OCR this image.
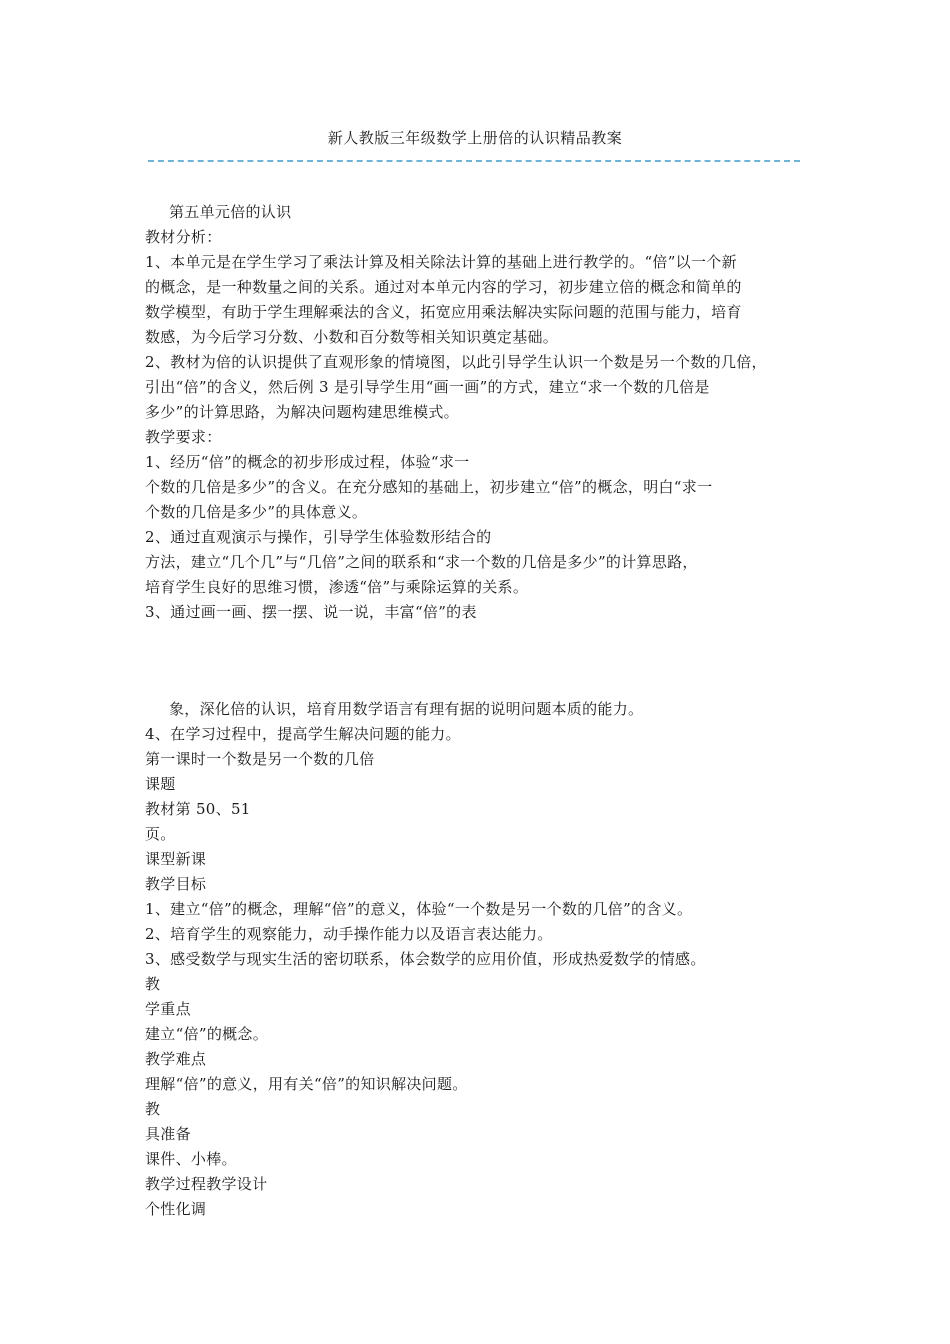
新人教版三年级数学上册倍的认识精品教案
第五单元倍的认识
教材分析：
1、本单元是在学生学习了乘法计算及相关除法计算的基础上进行教学的。“倍”以一个新
的概念，是一种数量之间的关系。通过对本单元内容的学习，初步建立倍的概念和简单的
数学模型，有助于学生理解乘法的含义，拓宽应用乘法解决实际问题的范围与能力，培育
数感，为今后学习分数、小数和百分数等相关知识奠定基础。
2、教材为倍的认识提供了直观形象的情境图，以此引导学生认识一个数是另一个数的几倍，
引出“倍”的含义，然后例 3 是引导学生用“画一画”的方式，建立“求一个数的几倍是
多少”的计算思路，为解决问题构建思维模式。
教学要求：
1、经历“倍”的概念的初步形成过程，体验“求一
个数的几倍是多少”的含义。在充分感知的基础上，初步建立“倍”的概念，明白“求一
个数的几倍是多少”的具体意义。
2、通过直观演示与操作，引导学生体验数形结合的
方法，建立“几个几”与“几倍”之间的联系和“求一个数的几倍是多少”的计算思路，
培育学生良好的思维习惯，渗透“倍”与乘除运算的关系。
3、通过画一画、摆一摆、说一说，丰富“倍”的表
象，深化倍的认识，培育用数学语言有理有据的说明问题本质的能力。
4、在学习过程中，提高学生解决问题的能力。
第一课时一个数是另一个数的几倍
课题
教材第 50、51
页。
课型新课
教学目标
1、建立“倍”的概念，理解“倍”的意义，体验“一个数是另一个数的几倍”的含义。
2、培育学生的观察能力，动手操作能力以及语言表达能力。
3、感受数学与现实生活的密切联系，体会数学的应用价值，形成热爱数学的情感。
教
学重点
建立“倍”的概念。
教学难点
理解“倍”的意义，用有关“倍”的知识解决问题。
教
具准备
课件、小棒。
教学过程教学设计
个性化调
